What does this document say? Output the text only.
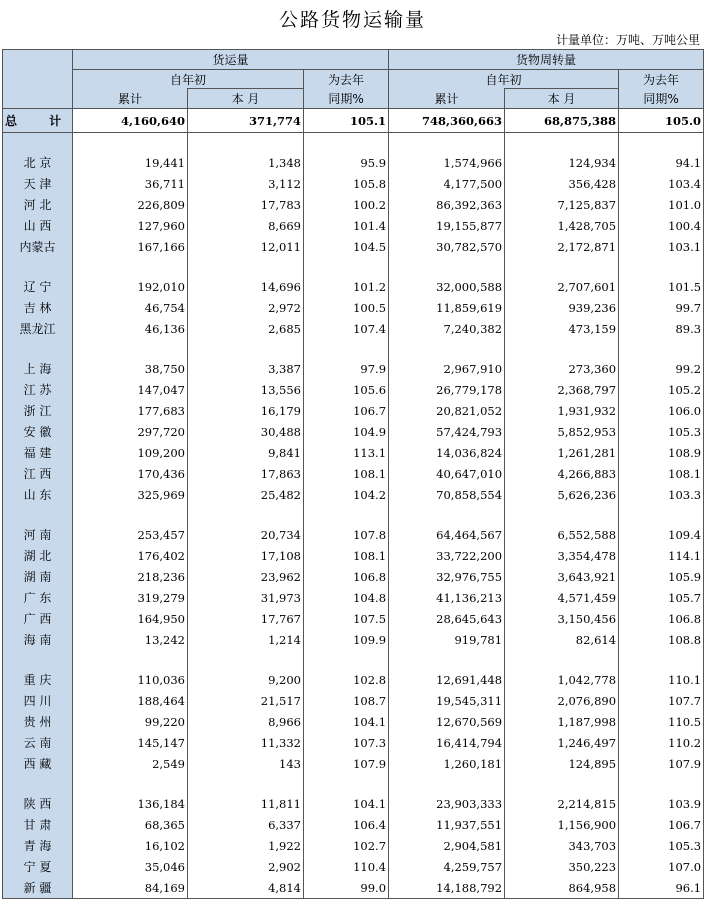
公路货物运输量
计量单位：万吨、万吨公里
	货运量			货物周转量		
	自年初		为去年	自年初		为去年
	累计	本 月	同期%	累计	本 月	同期%
总 计	4,160,640	371,774	105.1	748,360,663	68,875,388	105.0

北 京	19,441	1,348	95.9	1,574,966	124,934	94.1
天 津	36,711	3,112	105.8	4,177,500	356,428	103.4
河 北	226,809	17,783	100.2	86,392,363	7,125,837	101.0
山 西	127,960	8,669	101.4	19,155,877	1,428,705	100.4
内蒙古	167,166	12,011	104.5	30,782,570	2,172,871	103.1

辽 宁	192,010	14,696	101.2	32,000,588	2,707,601	101.5
吉 林	46,754	2,972	100.5	11,859,619	939,236	99.7
黑龙江	46,136	2,685	107.4	7,240,382	473,159	89.3

上 海	38,750	3,387	97.9	2,967,910	273,360	99.2
江 苏	147,047	13,556	105.6	26,779,178	2,368,797	105.2
浙 江	177,683	16,179	106.7	20,821,052	1,931,932	106.0
安 徽	297,720	30,488	104.9	57,424,793	5,852,953	105.3
福 建	109,200	9,841	113.1	14,036,824	1,261,281	108.9
江 西	170,436	17,863	108.1	40,647,010	4,266,883	108.1
山 东	325,969	25,482	104.2	70,858,554	5,626,236	103.3

河 南	253,457	20,734	107.8	64,464,567	6,552,588	109.4
湖 北	176,402	17,108	108.1	33,722,200	3,354,478	114.1
湖 南	218,236	23,962	106.8	32,976,755	3,643,921	105.9
广 东	319,279	31,973	104.8	41,136,213	4,571,459	105.7
广 西	164,950	17,767	107.5	28,645,643	3,150,456	106.8
海 南	13,242	1,214	109.9	919,781	82,614	108.8

重 庆	110,036	9,200	102.8	12,691,448	1,042,778	110.1
四 川	188,464	21,517	108.7	19,545,311	2,076,890	107.7
贵 州	99,220	8,966	104.1	12,670,569	1,187,998	110.5
云 南	145,147	11,332	107.3	16,414,794	1,246,497	110.2
西 藏	2,549	143	107.9	1,260,181	124,895	107.9

陕 西	136,184	11,811	104.1	23,903,333	2,214,815	103.9
甘 肃	68,365	6,337	106.4	11,937,551	1,156,900	106.7
青 海	16,102	1,922	102.7	2,904,581	343,703	105.3
宁 夏	35,046	2,902	110.4	4,259,757	350,223	107.0
新 疆	84,169	4,814	99.0	14,188,792	864,958	96.1
